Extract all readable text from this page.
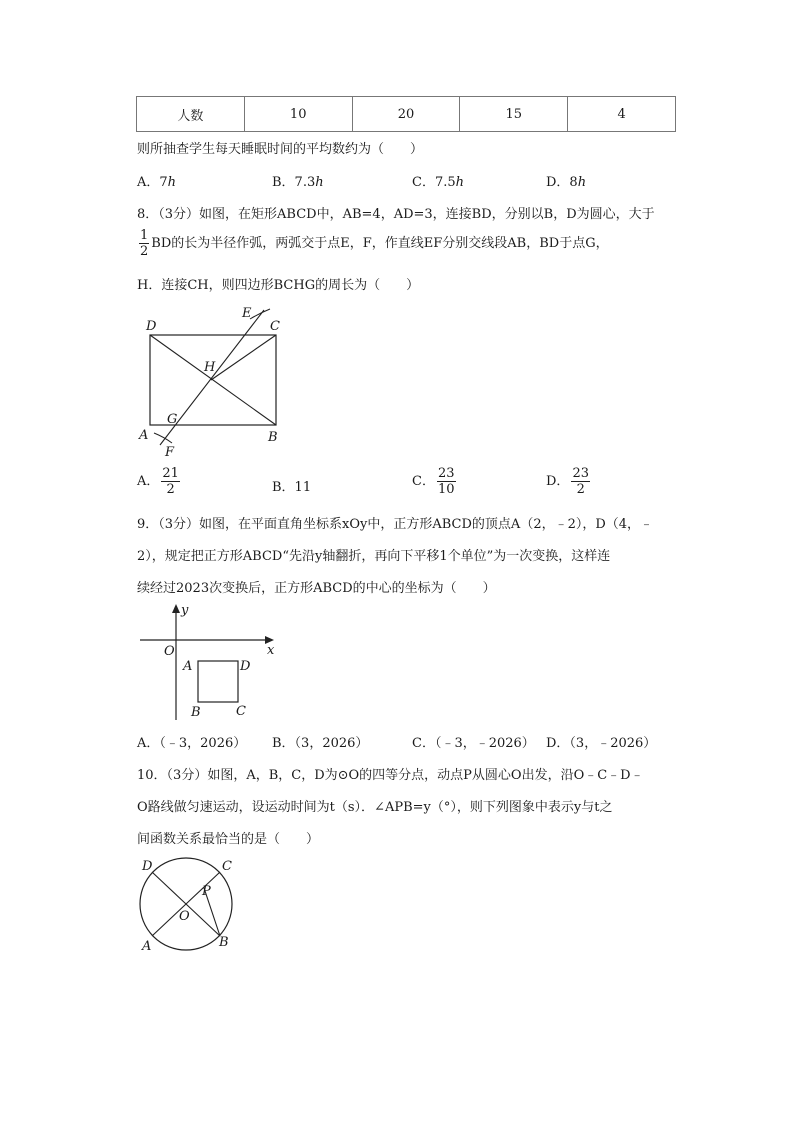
人数	10	20	15	4
则所抽查学生每天睡眠时间的平均数约为（　　）
A．7h	B．7.3h	C．7.5h	D．8h
8．（3分）如图，在矩形ABCD中，AB=4，AD=3，连接BD，分别以B，D为圆心，大于
$\frac{1}{2}$ BD的长为半径作弧，两弧交于点E，F，作直线EF分别交线段AB，BD于点G，
H．连接CH，则四边形BCHG的周长为（　　）
D	C
E
H
G
A	B
F
A． $\frac{21}{2}$	B．11	C． $\frac{23}{10}$	D． $\frac{23}{2}$
9．（3分）如图，在平面直角坐标系xOy中，正方形ABCD的顶点A（2，﹣2），D（4，﹣
2），规定把正方形ABCD“先沿y轴翻折，再向下平移1个单位”为一次变换，这样连
续经过2023次变换后，正方形ABCD的中心的坐标为（　　）
y
x
O
A	D
B	C
A．（﹣3，2026） B．（3，2026）	C．（﹣3，﹣2026） D．（3，﹣2026）
10．（3分）如图，A，B，C，D为⊙O的四等分点，动点P从圆心O出发，沿O﹣C﹣D﹣
O路线做匀速运动，设运动时间为t（s）．∠APB=y（°），则下列图象中表示y与t之
间函数关系最恰当的是（　　）
D	C
P
O
A	B
